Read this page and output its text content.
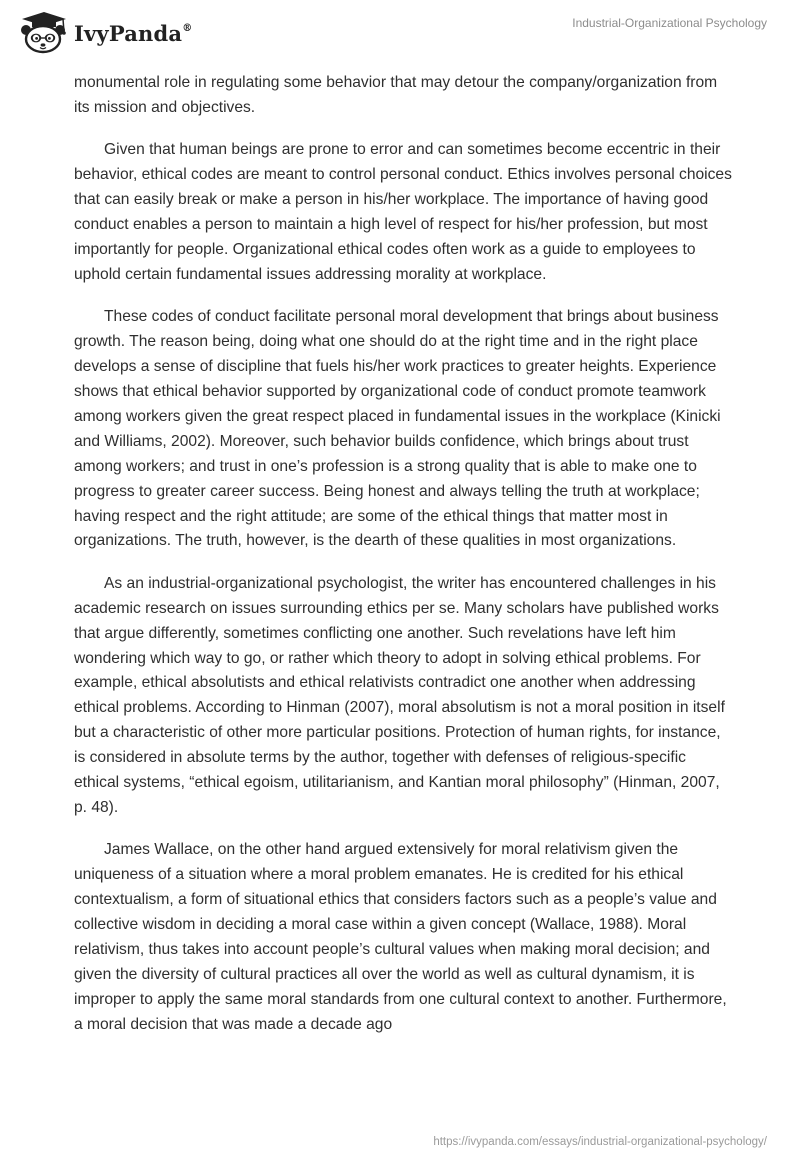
IvyPanda®	Industrial-Organizational Psychology

monumental role in regulating some behavior that may detour the company/organization from its mission and objectives.

Given that human beings are prone to error and can sometimes become eccentric in their behavior, ethical codes are meant to control personal conduct. Ethics involves personal choices that can easily break or make a person in his/her workplace. The importance of having good conduct enables a person to maintain a high level of respect for his/her profession, but most importantly for people. Organizational ethical codes often work as a guide to employees to uphold certain fundamental issues addressing morality at workplace.

These codes of conduct facilitate personal moral development that brings about business growth. The reason being, doing what one should do at the right time and in the right place develops a sense of discipline that fuels his/her work practices to greater heights. Experience shows that ethical behavior supported by organizational code of conduct promote teamwork among workers given the great respect placed in fundamental issues in the workplace (Kinicki and Williams, 2002). Moreover, such behavior builds confidence, which brings about trust among workers; and trust in one’s profession is a strong quality that is able to make one to progress to greater career success. Being honest and always telling the truth at workplace; having respect and the right attitude; are some of the ethical things that matter most in organizations. The truth, however, is the dearth of these qualities in most organizations.

As an industrial-organizational psychologist, the writer has encountered challenges in his academic research on issues surrounding ethics per se. Many scholars have published works that argue differently, sometimes conflicting one another. Such revelations have left him wondering which way to go, or rather which theory to adopt in solving ethical problems. For example, ethical absolutists and ethical relativists contradict one another when addressing ethical problems. According to Hinman (2007), moral absolutism is not a moral position in itself but a characteristic of other more particular positions. Protection of human rights, for instance, is considered in absolute terms by the author, together with defenses of religious-specific ethical systems, “ethical egoism, utilitarianism, and Kantian moral philosophy” (Hinman, 2007, p. 48).

James Wallace, on the other hand argued extensively for moral relativism given the uniqueness of a situation where a moral problem emanates. He is credited for his ethical contextualism, a form of situational ethics that considers factors such as a people’s value and collective wisdom in deciding a moral case within a given concept (Wallace, 1988). Moral relativism, thus takes into account people’s cultural values when making moral decision; and given the diversity of cultural practices all over the world as well as cultural dynamism, it is improper to apply the same moral standards from one cultural context to another. Furthermore, a moral decision that was made a decade ago

https://ivypanda.com/essays/industrial-organizational-psychology/
